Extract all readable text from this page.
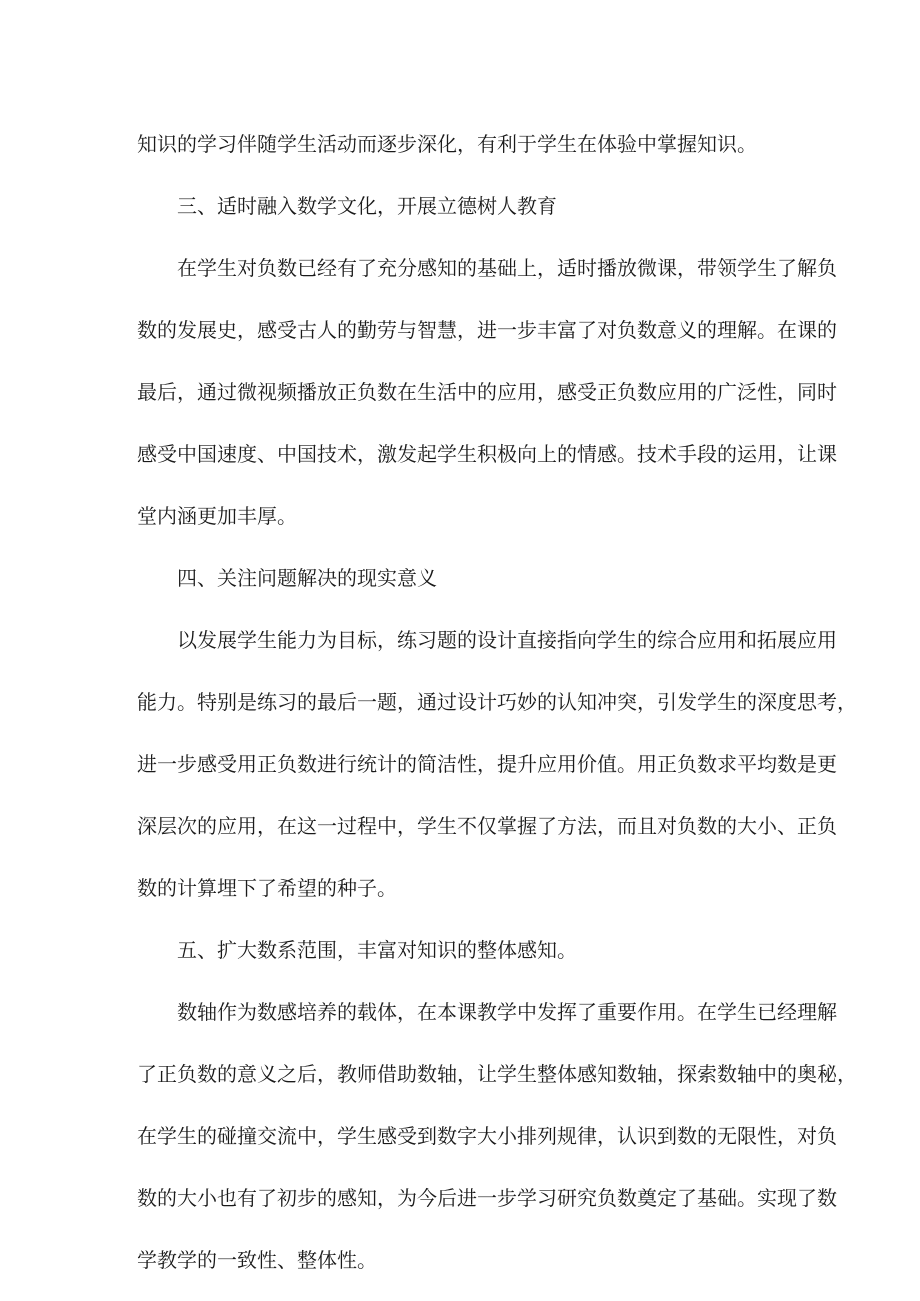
知识的学习伴随学生活动而逐步深化，有利于学生在体验中掌握知识。
三、适时融入数学文化，开展立德树人教育
在学生对负数已经有了充分感知的基础上，适时播放微课，带领学生了解负
数的发展史，感受古人的勤劳与智慧，进一步丰富了对负数意义的理解。在课的
最后，通过微视频播放正负数在生活中的应用，感受正负数应用的广泛性，同时
感受中国速度、中国技术，激发起学生积极向上的情感。技术手段的运用，让课
堂内涵更加丰厚。
四、关注问题解决的现实意义
以发展学生能力为目标，练习题的设计直接指向学生的综合应用和拓展应用
能力。特别是练习的最后一题，通过设计巧妙的认知冲突，引发学生的深度思考，
进一步感受用正负数进行统计的简洁性，提升应用价值。用正负数求平均数是更
深层次的应用，在这一过程中，学生不仅掌握了方法，而且对负数的大小、正负
数的计算埋下了希望的种子。
五、扩大数系范围，丰富对知识的整体感知。
数轴作为数感培养的载体，在本课教学中发挥了重要作用。在学生已经理解
了正负数的意义之后，教师借助数轴，让学生整体感知数轴，探索数轴中的奥秘，
在学生的碰撞交流中，学生感受到数字大小排列规律，认识到数的无限性，对负
数的大小也有了初步的感知，为今后进一步学习研究负数奠定了基础。实现了数
学教学的一致性、整体性。
